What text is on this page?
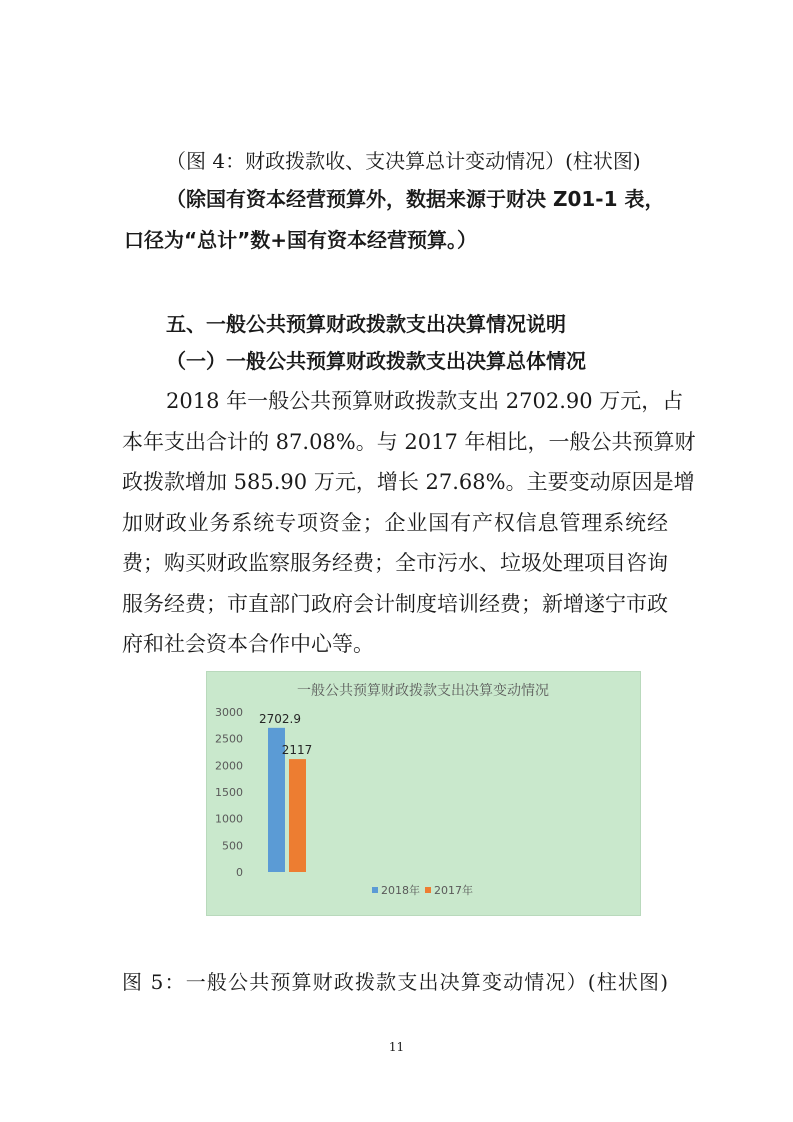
（图 4：财政拨款收、支决算总计变动情况）(柱状图)
（除国有资本经营预算外，数据来源于财决 Z01-1 表，
口径为“总计”数+国有资本经营预算。）
五、一般公共预算财政拨款支出决算情况说明
（一）一般公共预算财政拨款支出决算总体情况
2018 年一般公共预算财政拨款支出 2702.90 万元，占
本年支出合计的 87.08%。与 2017 年相比，一般公共预算财
政拨款增加 585.90 万元，增长 27.68%。主要变动原因是增
加财政业务系统专项资金；企业国有产权信息管理系统经
费；购买财政监察服务经费；全市污水、垃圾处理项目咨询
服务经费；市直部门政府会计制度培训经费；新增遂宁市政
府和社会资本合作中心等。
一般公共预算财政拨款支出决算变动情况
0
500
1000
1500
2000
2500
3000 2702.9
2117
2018年 2017年
图 5：一般公共预算财政拨款支出决算变动情况）(柱状图)
11
